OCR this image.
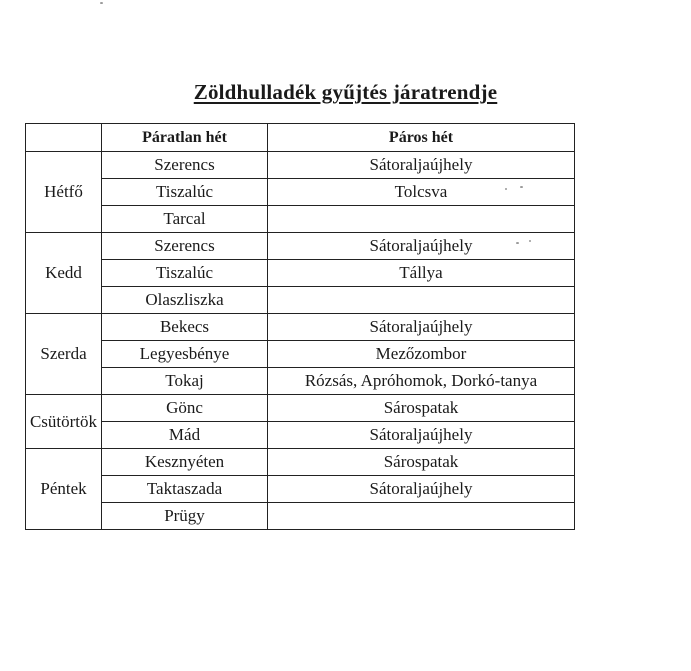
Zöldhulladék gyűjtés járatrendje
	Páratlan hét	Páros hét
Hétfő	Szerencs	Sátoraljaújhely
	Tiszalúc	Tolcsva
	Tarcal	
Kedd	Szerencs	Sátoraljaújhely
	Tiszalúc	Tállya
	Olaszliszka	
Szerda	Bekecs	Sátoraljaújhely
	Legyesbénye	Mezőzombor
	Tokaj	Rózsás, Apróhomok, Dorkó-tanya
Csütörtök	Gönc	Sárospatak
	Mád	Sátoraljaújhely
Péntek	Kesznyéten	Sárospatak
	Taktaszada	Sátoraljaújhely
	Prügy	
